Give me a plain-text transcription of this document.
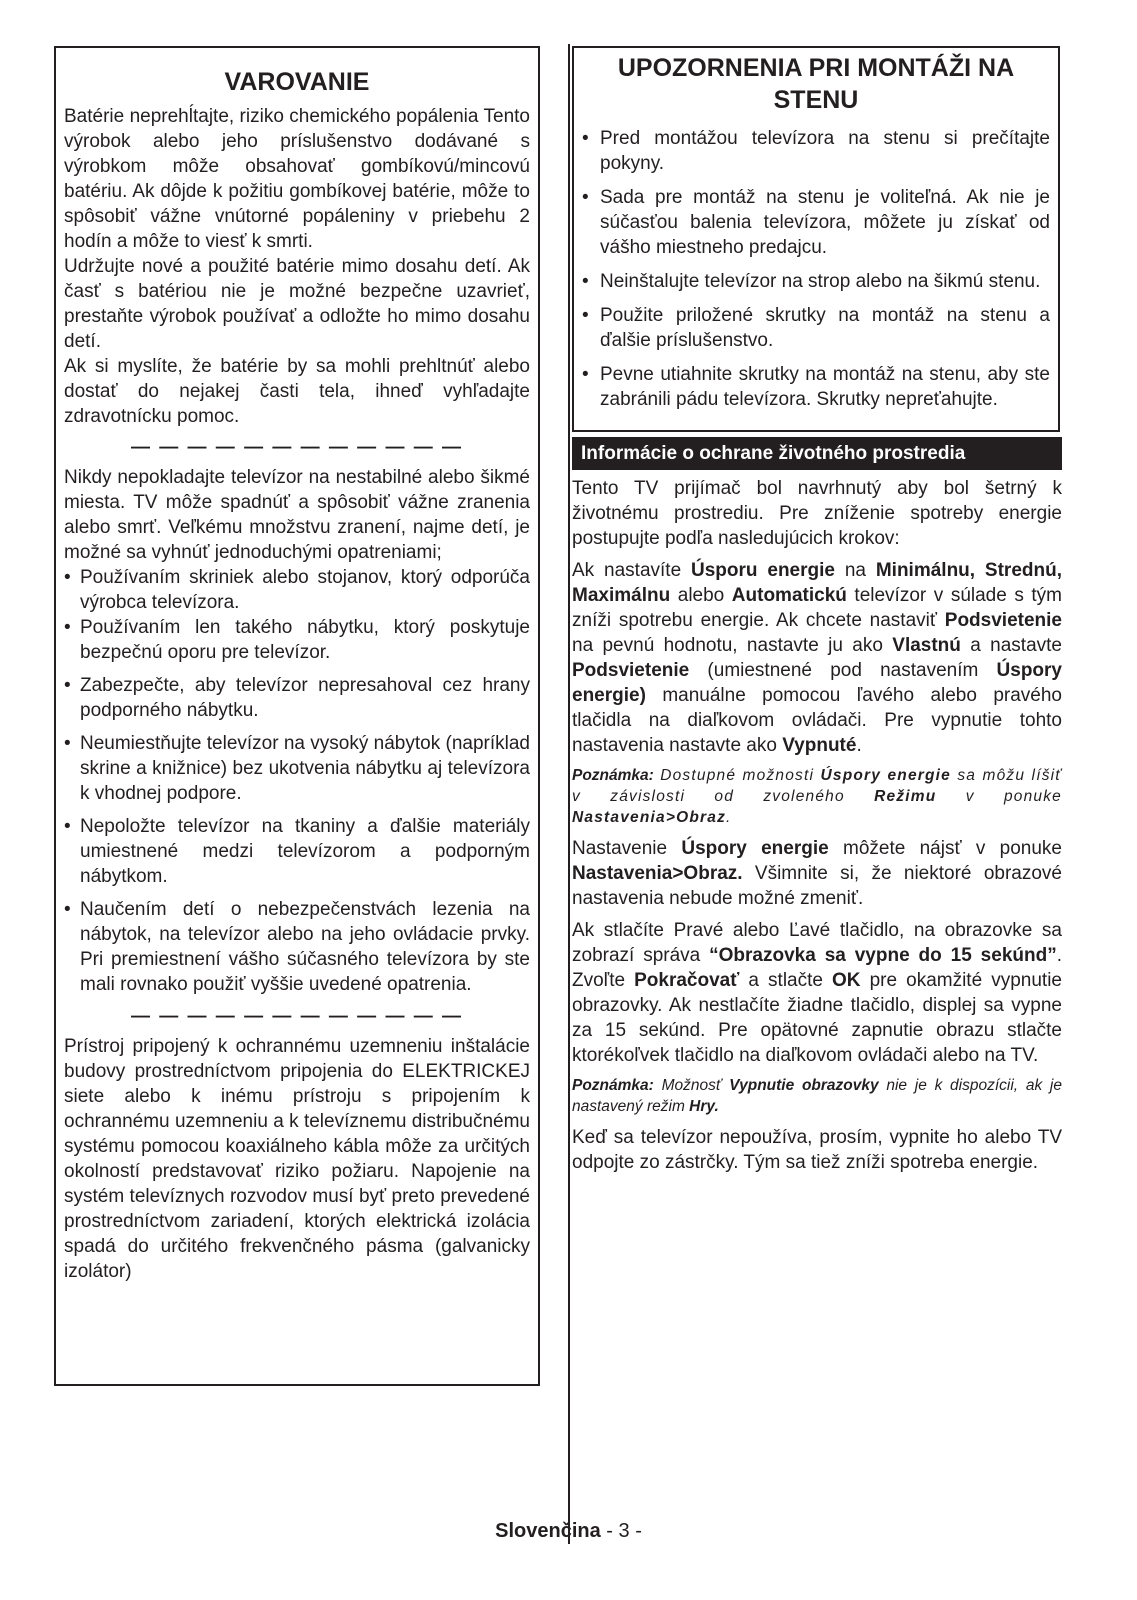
VAROVANIE

Batérie neprehĺtajte, riziko chemického popálenia Tento výrobok alebo jeho príslušenstvo dodávané s výrobkom môže obsahovať gombíkovú/mincovú batériu. Ak dôjde k požitiu gombíkovej batérie, môže to spôsobiť vážne vnútorné popáleniny v priebehu 2 hodín a môže to viesť k smrti.

Udržujte nové a použité batérie mimo dosahu detí. Ak časť s batériou nie je možné bezpečne uzavrieť, prestaňte výrobok používať a odložte ho mimo dosahu detí.

Ak si myslíte, že batérie by sa mohli prehltnúť alebo dostať do nejakej časti tela, ihneď vyhľadajte zdravotnícku pomoc.

— — — — — — — — — — — —

Nikdy nepokladajte televízor na nestabilné alebo šikmé miesta. TV môže spadnúť a spôsobiť vážne zranenia alebo smrť. Veľkému množstvu zranení, najme detí, je možné sa vyhnúť jednoduchými opatreniami;

• Používaním skriniek alebo stojanov, ktorý odporúča výrobca televízora.
• Používaním len takého nábytku, ktorý poskytuje bezpečnú oporu pre televízor.
• Zabezpečte, aby televízor nepresahoval cez hrany podporného nábytku.
• Neumiestňujte televízor na vysoký nábytok (napríklad skrine a knižnice) bez ukotvenia nábytku aj televízora k vhodnej podpore.
• Nepoložte televízor na tkaniny a ďalšie materiály umiestnené medzi televízorom a podporným nábytkom.
• Naučením detí o nebezpečenstvách lezenia na nábytok, na televízor alebo na jeho ovládacie prvky. Pri premiestnení vášho súčasného televízora by ste mali rovnako použiť vyššie uvedené opatrenia.
— — — — — — — — — — — —

Prístroj pripojený k ochrannému uzemneniu inštalácie budovy prostredníctvom pripojenia do ELEKTRICKEJ siete alebo k inému prístroju s pripojením k ochrannému uzemneniu a k televíznemu distribučnému systému pomocou koaxiálneho kábla môže za určitých okolností predstavovať riziko požiaru. Napojenie na systém televíznych rozvodov musí byť preto prevedené prostredníctvom zariadení, ktorých elektrická izolácia spadá do určitého frekvenčného pásma (galvanicky izolátor)

UPOZORNENIA PRI MONTÁŽI NA STENU
• Pred montážou televízora na stenu si prečítajte pokyny.
• Sada pre montáž na stenu je voliteľná. Ak nie je súčasťou balenia televízora, môžete ju získať od vášho miestneho predajcu.
• Neinštalujte televízor na strop alebo na šikmú stenu.
• Použite priložené skrutky na montáž na stenu a ďalšie príslušenstvo.
• Pevne utiahnite skrutky na montáž na stenu, aby ste zabránili pádu televízora. Skrutky nepreťahujte.
Informácie o ochrane životného prostredia

Tento TV prijímač bol navrhnutý aby bol šetrný k životnému prostrediu. Pre zníženie spotreby energie postupujte podľa nasledujúcich krokov:

Ak nastavíte Úsporu energie na Minimálnu, Strednú, Maximálnu alebo Automatickú televízor v súlade s tým zníži spotrebu energie. Ak chcete nastaviť Podsvietenie na pevnú hodnotu, nastavte ju ako Vlastnú a nastavte Podsvietenie (umiestnené pod nastavením Úspory energie) manuálne pomocou ľavého alebo pravého tlačidla na diaľkovom ovládači. Pre vypnutie tohto nastavenia nastavte ako Vypnuté.

Poznámka: Dostupné možnosti Úspory energie sa môžu líšiť v závislosti od zvoleného Režimu v ponuke Nastavenia>Obraz.

Nastavenie Úspory energie môžete nájsť v ponuke Nastavenia>Obraz. Všimnite si, že niektoré obrazové nastavenia nebude možné zmeniť.

Ak stlačíte Pravé alebo Ľavé tlačidlo, na obrazovke sa zobrazí správa “Obrazovka sa vypne do 15 sekúnd”. Zvoľte Pokračovať a stlačte OK pre okamžité vypnutie obrazovky. Ak nestlačíte žiadne tlačidlo, displej sa vypne za 15 sekúnd. Pre opätovné zapnutie obrazu stlačte ktorékoľvek tlačidlo na diaľkovom ovládači alebo na TV.

Poznámka: Možnosť Vypnutie obrazovky nie je k dispozícii, ak je nastavený režim Hry.

Keď sa televízor nepoužíva, prosím, vypnite ho alebo TV odpojte zo zástrčky. Tým sa tiež zníži spotreba energie.

Slovenčina - 3 -
